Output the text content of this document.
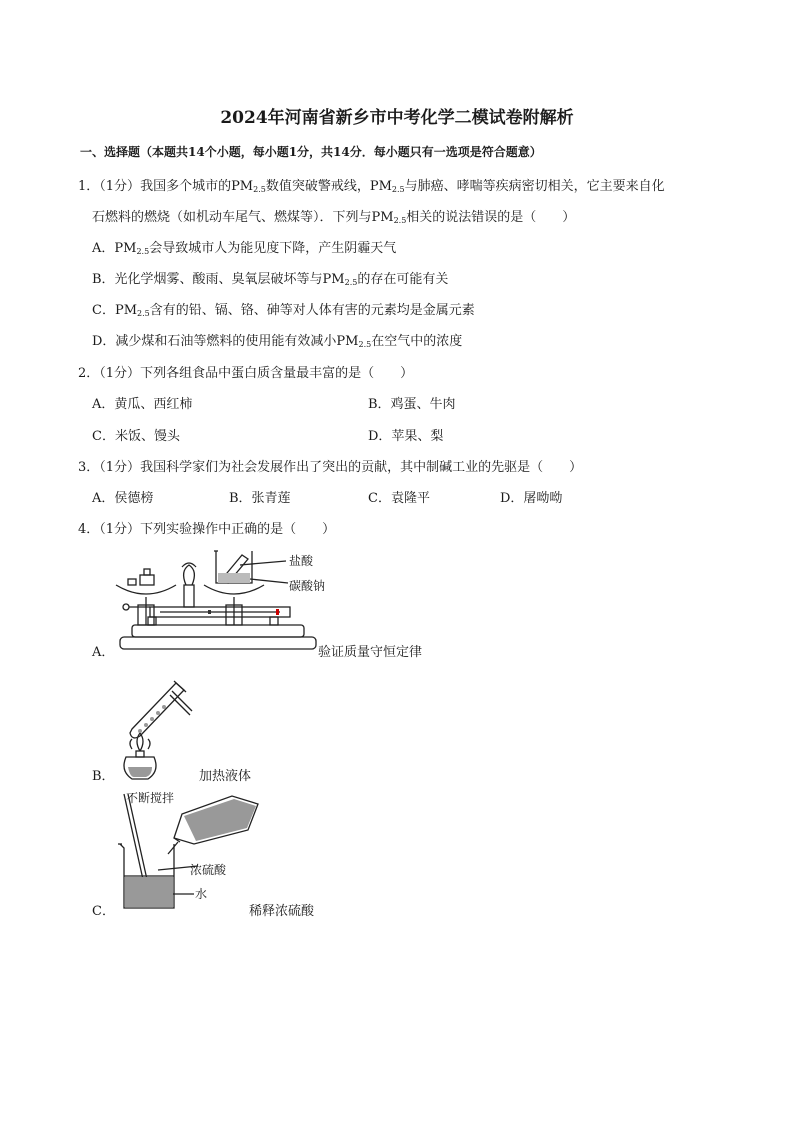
2024年河南省新乡市中考化学二模试卷附解析
一、选择题（本题共14个小题，每小题1分，共14分．每小题只有一选项是符合题意）
1．（1分）我国多个城市的$PM_{2.5}$数值突破警戒线，$PM_{2.5}$与肺癌、哮喘等疾病密切相关，它主要来自化
石燃料的燃烧（如机动车尾气、燃煤等）．下列与$PM_{2.5}$相关的说法错误的是（　　）
A．$PM_{2.5}$会导致城市人为能见度下降，产生阴霾天气
B．光化学烟雾、酸雨、臭氧层破坏等与$PM_{2.5}$的存在可能有关
C．$PM_{2.5}$含有的铅、镉、铬、砷等对人体有害的元素均是金属元素
D．减少煤和石油等燃料的使用能有效减小$PM_{2.5}$在空气中的浓度
2．（1分）下列各组食品中蛋白质含量最丰富的是（　　）
A．黄瓜、西红柿	B．鸡蛋、牛肉
C．米饭、馒头	D．苹果、梨
3．（1分）我国科学家们为社会发展作出了突出的贡献，其中制碱工业的先驱是（　　）
A．侯德榜	B．张青莲	C．袁隆平	D．屠呦呦
4．（1分）下列实验操作中正确的是（　　）
盐酸
碳酸钠
A．	验证质量守恒定律
B．	加热液体
不断搅拌
浓硫酸
水
C．	稀释浓硫酸
